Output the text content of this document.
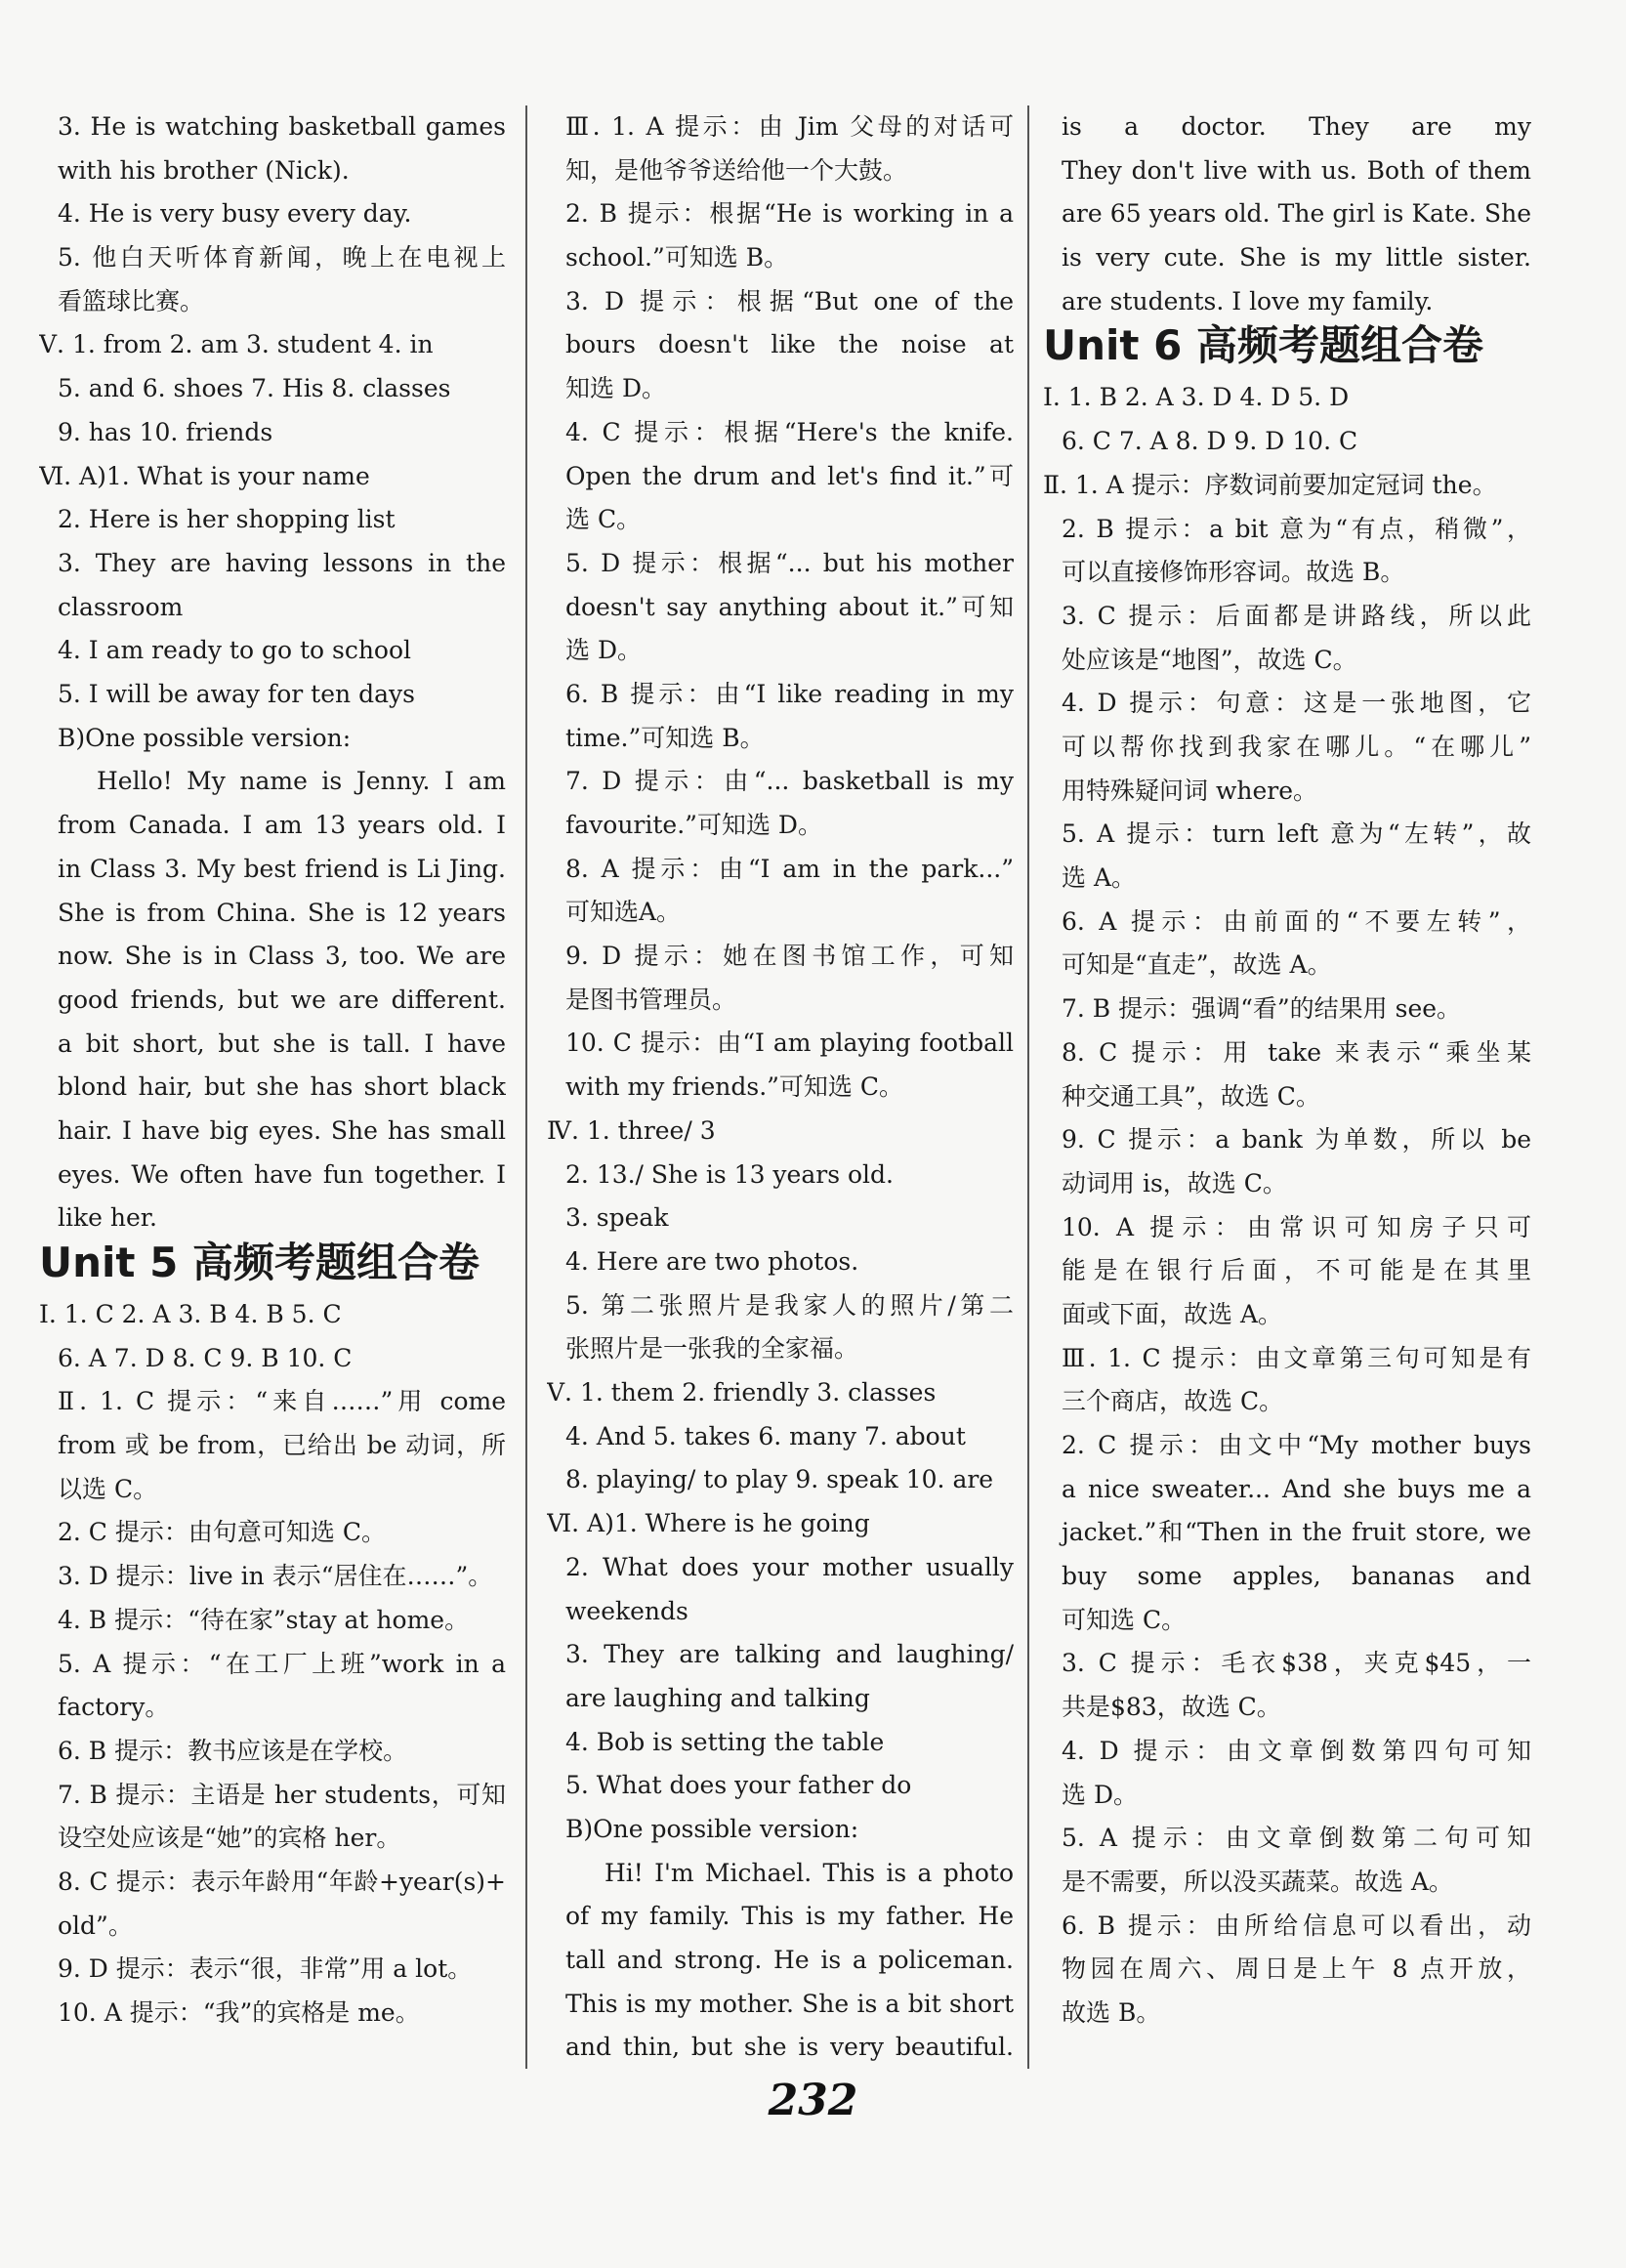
3. He is watching basketball games
with his brother (Nick).
4. He is very busy every day.
5. 他白天听体育新闻，晚上在电视上
看篮球比赛。
Ⅴ. 1. from 2. am 3. student 4. in
5. and 6. shoes 7. His 8. classes
9. has 10. friends
Ⅵ. A)1. What is your name
2. Here is her shopping list
3. They are having lessons in the
classroom
4. I am ready to go to school
5. I will be away for ten days
B)One possible version:
Hello! My name is Jenny. I am
from Canada. I am 13 years old. I
in Class 3. My best friend is Li Jing.
She is from China. She is 12 years
now. She is in Class 3, too. We are
good friends, but we are different.
a bit short, but she is tall. I have
blond hair, but she has short black
hair. I have big eyes. She has small
eyes. We often have fun together. I
like her.
Unit 5 高频考题组合卷
Ⅰ. 1. C 2. A 3. B 4. B 5. C
6. A 7. D 8. C 9. B 10. C
Ⅱ. 1. C 提示：“来自……”用 come
from 或 be from，已给出 be 动词，所
以选 C。
2. C 提示：由句意可知选 C。
3. D 提示：live in 表示“居住在……”。
4. B 提示：“待在家”stay at home。
5. A 提示：“在工厂上班”work in a
factory。
6. B 提示：教书应该是在学校。
7. B 提示：主语是 her students，可知
设空处应该是“她”的宾格 her。
8. C 提示：表示年龄用“年龄+year(s)+
old”。
9. D 提示：表示“很，非常”用 a lot。
10. A 提示：“我”的宾格是 me。
Ⅲ. 1. A 提示：由 Jim 父母的对话可
知，是他爷爷送给他一个大鼓。
2. B 提示：根据“He is working in a
school.”可知选 B。
3. D 提示：根据“But one of the
bours doesn't like the noise at
知选 D。
4. C 提示：根据“Here's the knife.
Open the drum and let's find it.”可
选 C。
5. D 提示：根据“... but his mother
doesn't say anything about it.”可知
选 D。
6. B 提示：由“I like reading in my
time.”可知选 B。
7. D 提示：由“... basketball is my
favourite.”可知选 D。
8. A 提示：由“I am in the park...”
可知选A。
9. D 提示：她在图书馆工作，可知
是图书管理员。
10. C 提示：由“I am playing football
with my friends.”可知选 C。
Ⅳ. 1. three/ 3
2. 13./ She is 13 years old.
3. speak
4. Here are two photos.
5. 第二张照片是我家人的照片/第二
张照片是一张我的全家福。
Ⅴ. 1. them 2. friendly 3. classes
4. And 5. takes 6. many 7. about
8. playing/ to play 9. speak 10. are
Ⅵ. A)1. Where is he going
2. What does your mother usually
weekends
3. They are talking and laughing/
are laughing and talking
4. Bob is setting the table
5. What does your father do
B)One possible version:
Hi! I'm Michael. This is a photo
of my family. This is my father. He
tall and strong. He is a policeman.
This is my mother. She is a bit short
and thin, but she is very beautiful.
is a doctor. They are my
They don't live with us. Both of them
are 65 years old. The girl is Kate. She
is very cute. She is my little sister.
are students. I love my family.
Unit 6 高频考题组合卷
Ⅰ. 1. B 2. A 3. D 4. D 5. D
6. C 7. A 8. D 9. D 10. C
Ⅱ. 1. A 提示：序数词前要加定冠词 the。
2. B 提示：a bit 意为“有点，稍微”，
可以直接修饰形容词。故选 B。
3. C 提示：后面都是讲路线，所以此
处应该是“地图”，故选 C。
4. D 提示：句意：这是一张地图，它
可以帮你找到我家在哪儿。“在哪儿”
用特殊疑问词 where。
5. A 提示：turn left 意为“左转”，故
选 A。
6. A 提示：由前面的“不要左转”，
可知是“直走”，故选 A。
7. B 提示：强调“看”的结果用 see。
8. C 提示：用 take 来表示“乘坐某
种交通工具”，故选 C。
9. C 提示：a bank 为单数，所以 be
动词用 is，故选 C。
10. A 提示：由常识可知房子只可
能是在银行后面，不可能是在其里
面或下面，故选 A。
Ⅲ. 1. C 提示：由文章第三句可知是有
三个商店，故选 C。
2. C 提示：由文中“My mother buys
a nice sweater... And she buys me a
jacket.”和“Then in the fruit store, we
buy some apples, bananas and
可知选 C。
3. C 提示：毛衣$38，夹克$45，一
共是$83，故选 C。
4. D 提示：由文章倒数第四句可知
选 D。
5. A 提示：由文章倒数第二句可知
是不需要，所以没买蔬菜。故选 A。
6. B 提示：由所给信息可以看出，动
物园在周六、周日是上午 8 点开放，
故选 B。
232
